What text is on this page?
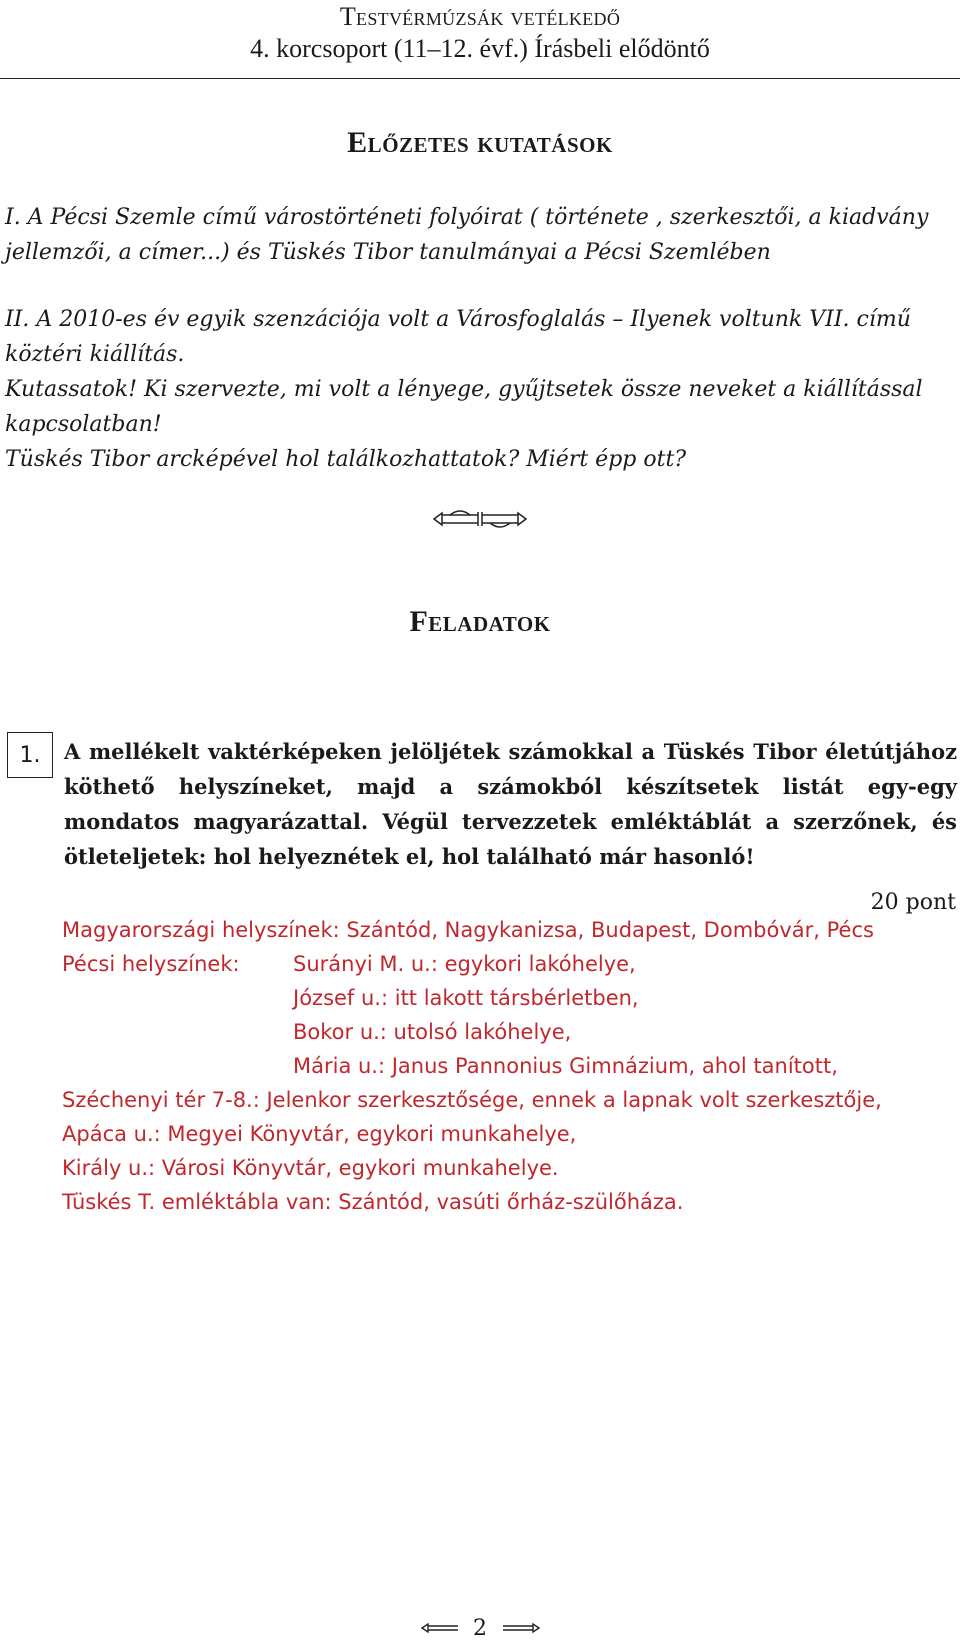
Testvérmúzsák vetélkedő
4. korcsoport (11–12. évf.) Írásbeli elődöntő
Előzetes kutatások
I. A Pécsi Szemle című várostörténeti folyóirat ( története , szerkesztői, a kiadvány jellemzői, a címer...) és Tüskés Tibor tanulmányai a Pécsi Szemlében
II. A 2010-es év egyik szenzációja volt a Városfoglalás – Ilyenek voltunk VII. című köztéri kiállítás.
Kutassatok! Ki szervezte, mi volt a lényege, gyűjtsetek össze neveket a kiállítással kapcsolatban!
Tüskés Tibor arcképével hol találkozhattatok? Miért épp ott?
Feladatok
1.	A mellékelt vaktérképeken jelöljétek számokkal a Tüskés Tibor életútjához köthető helyszíneket, majd a számokból készítsetek listát egy-egy mondatos magyarázattal. Végül tervezzetek emléktáblát a szerzőnek, és ötleteljetek: hol helyeznétek el, hol található már hasonló!
20 pont
Magyarországi helyszínek: Szántód, Nagykanizsa, Budapest, Dombóvár, Pécs
Pécsi helyszínek:	Surányi M. u.: egykori lakóhelye,
József u.: itt lakott társbérletben,
Bokor u.: utolsó lakóhelye,
Mária u.: Janus Pannonius Gimnázium, ahol tanított,
Széchenyi tér 7-8.: Jelenkor szerkesztősége, ennek a lapnak volt szerkesztője,
Apáca u.: Megyei Könyvtár, egykori munkahelye,
Király u.: Városi Könyvtár, egykori munkahelye.
Tüskés T. emléktábla van: Szántód, vasúti őrház-szülőháza.
2
